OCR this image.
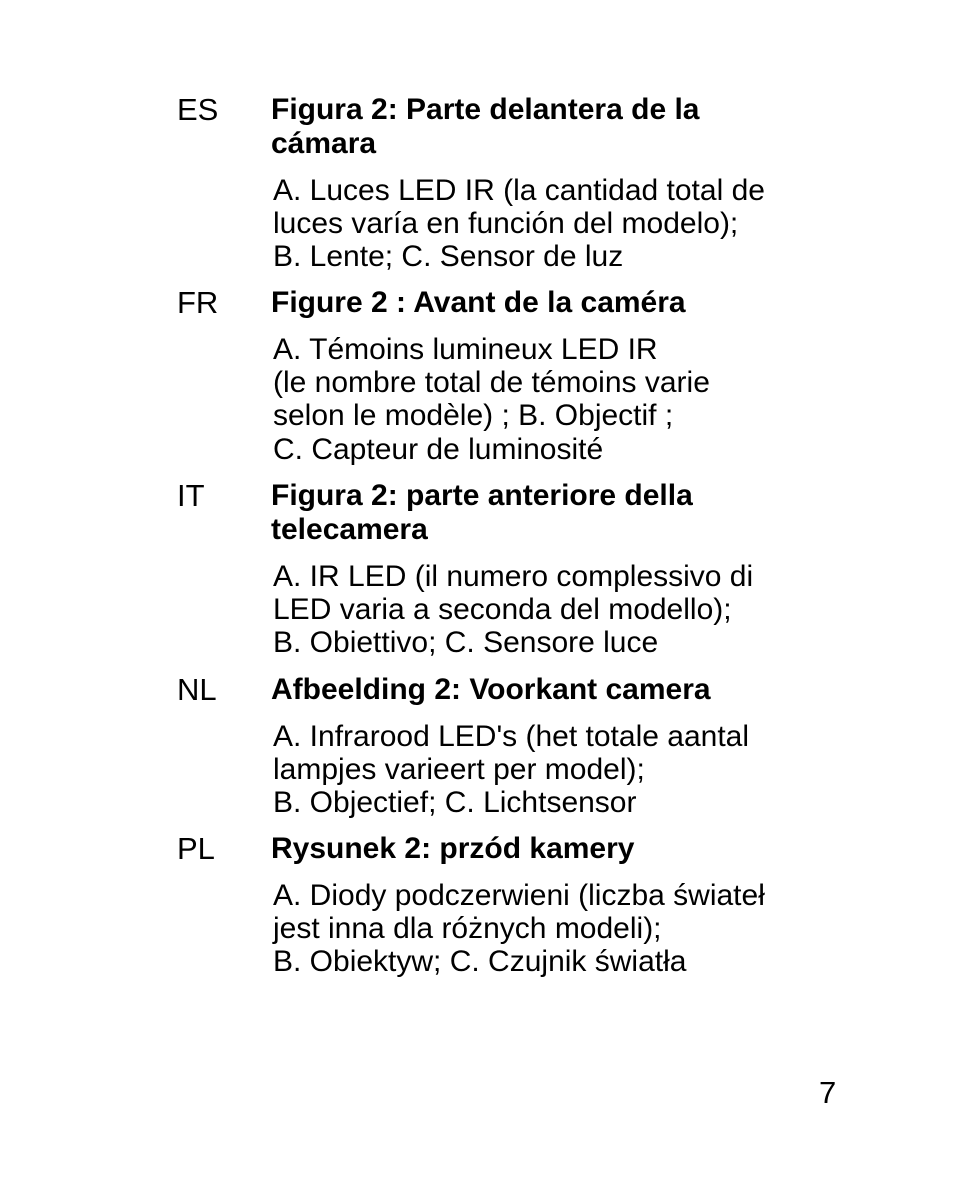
ES Figura 2: Parte delantera de la
cámara

A. Luces LED IR (la cantidad total de
luces varía en función del modelo);
B. Lente; C. Sensor de luz

FR Figure 2 : Avant de la caméra

A. Témoins lumineux LED IR
(le nombre total de témoins varie
selon le modèle) ; B. Objectif ;
C. Capteur de luminosité

IT Figura 2: parte anteriore della
telecamera

A. IR LED (il numero complessivo di
LED varia a seconda del modello);
B. Obiettivo; C. Sensore luce

NL Afbeelding 2: Voorkant camera

A. Infrarood LED's (het totale aantal
lampjes varieert per model);
B. Objectief; C. Lichtsensor

PL Rysunek 2: przód kamery

A. Diody podczerwieni (liczba świateł
jest inna dla różnych modeli);
B. Obiektyw; C. Czujnik światła

7
